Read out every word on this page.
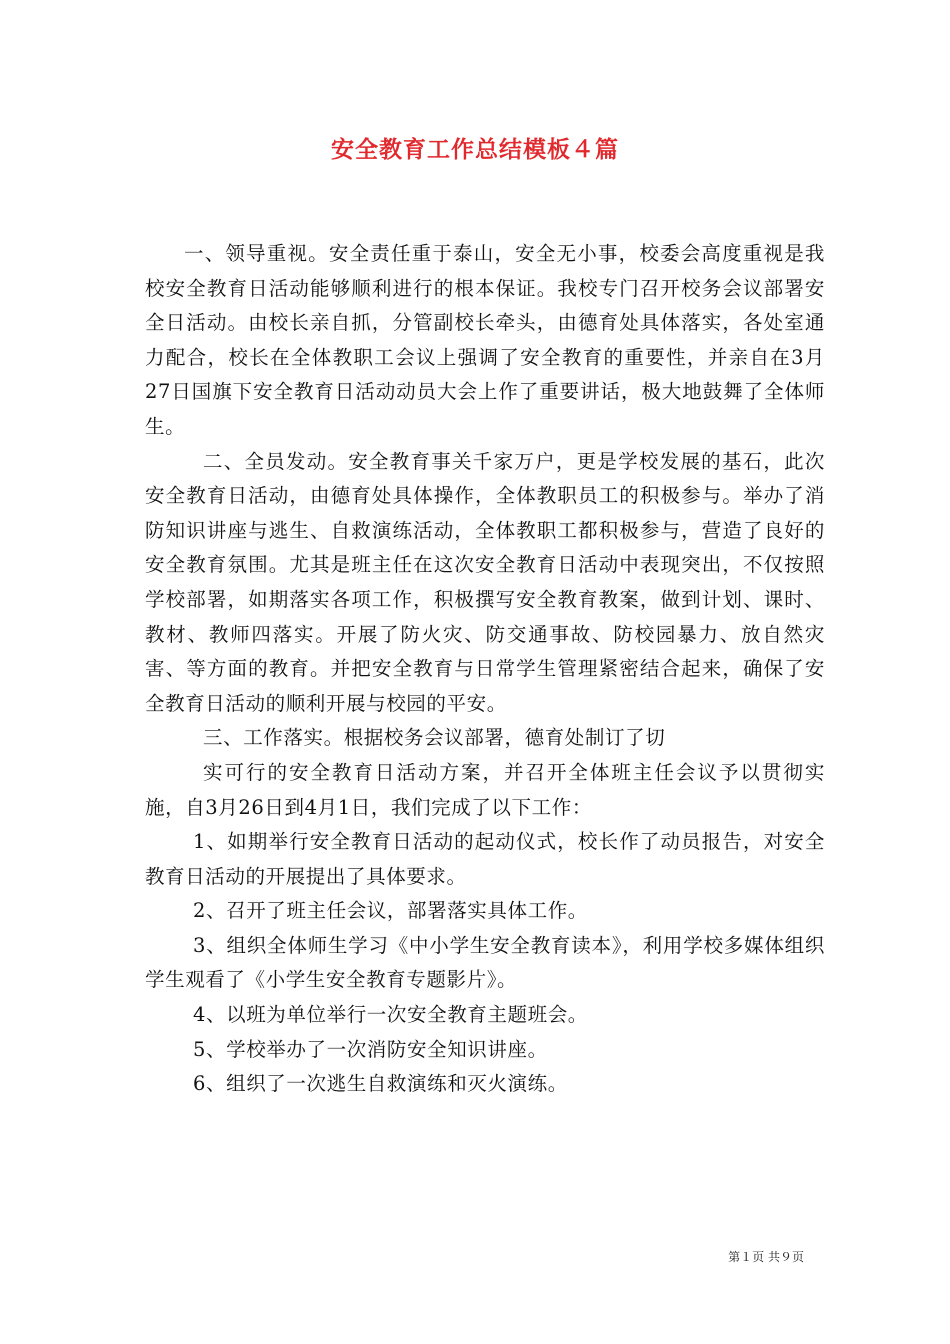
安全教育工作总结模板４篇

一、领导重视。安全责任重于泰山，安全无小事，校委会高度重视是我校安全教育日活动能够顺利进行的根本保证。我校专门召开校务会议部署安全日活动。由校长亲自抓，分管副校长牵头，由德育处具体落实，各处室通力配合，校长在全体教职工会议上强调了安全教育的重要性，并亲自在3月27日国旗下安全教育日活动动员大会上作了重要讲话，极大地鼓舞了全体师生。

二、全员发动。安全教育事关千家万户，更是学校发展的基石，此次安全教育日活动，由德育处具体操作，全体教职员工的积极参与。举办了消防知识讲座与逃生、自救演练活动，全体教职工都积极参与，营造了良好的安全教育氛围。尤其是班主任在这次安全教育日活动中表现突出，不仅按照学校部署，如期落实各项工作，积极撰写安全教育教案，做到计划、课时、教材、教师四落实。开展了防火灾、防交通事故、防校园暴力、放自然灾害、等方面的教育。并把安全教育与日常学生管理紧密结合起来，确保了安全教育日活动的顺利开展与校园的平安。

三、工作落实。根据校务会议部署，德育处制订了切

实可行的安全教育日活动方案，并召开全体班主任会议予以贯彻实施，自3月26日到4月1日，我们完成了以下工作：

1、如期举行安全教育日活动的起动仪式，校长作了动员报告，对安全教育日活动的开展提出了具体要求。

2、召开了班主任会议，部署落实具体工作。

3、组织全体师生学习《中小学生安全教育读本》，利用学校多媒体组织学生观看了《小学生安全教育专题影片》。

4、以班为单位举行一次安全教育主题班会。

5、学校举办了一次消防安全知识讲座。

6、组织了一次逃生自救演练和灭火演练。

第１页 共９页
